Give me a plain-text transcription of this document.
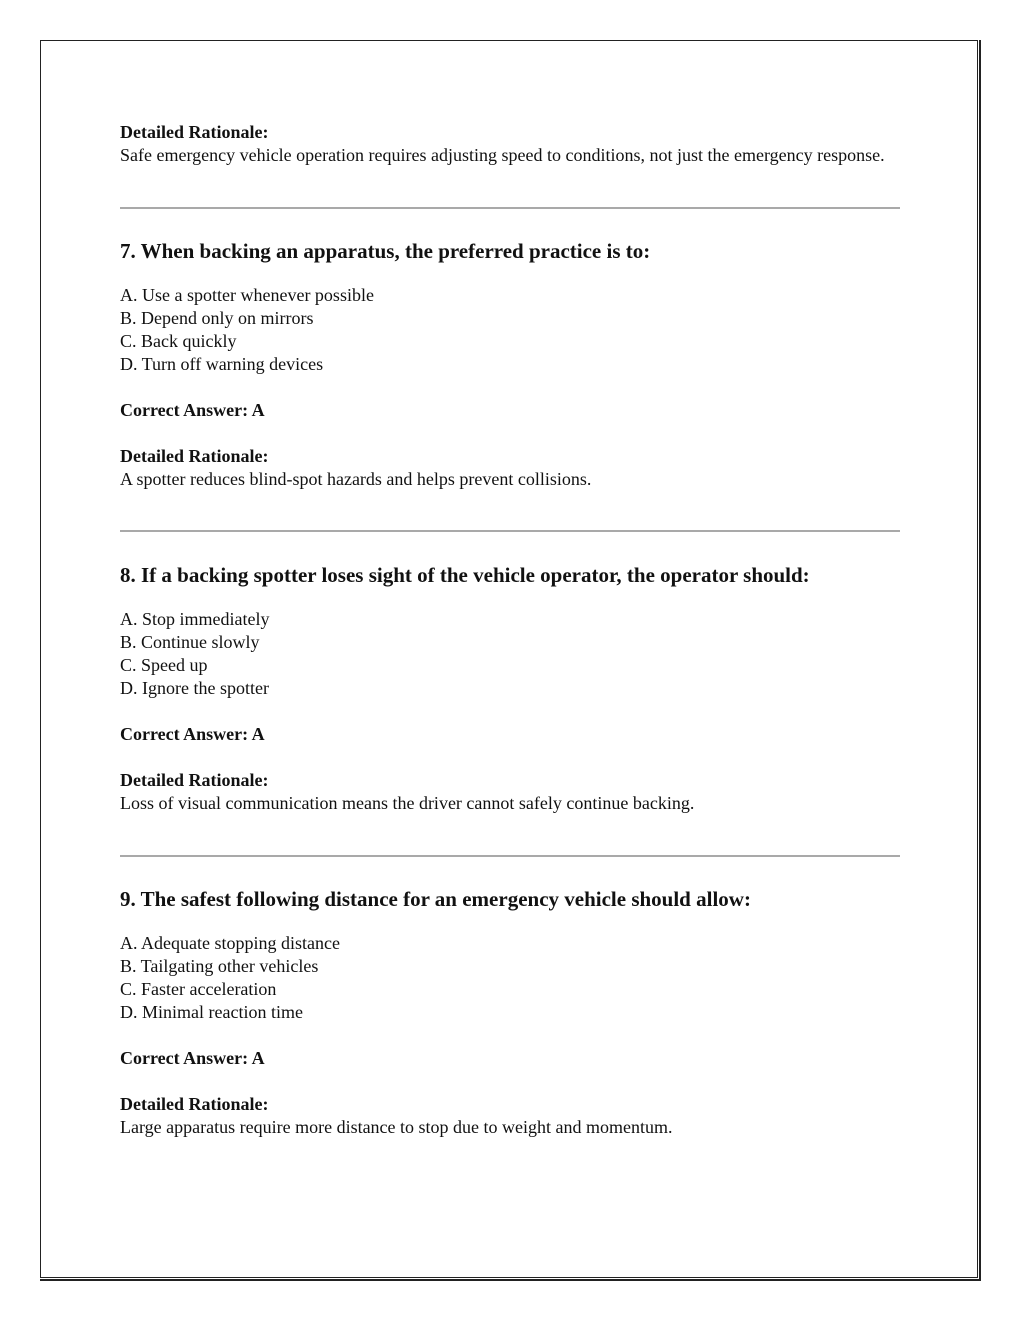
Detailed Rationale:
Safe emergency vehicle operation requires adjusting speed to conditions, not just the emergency response.
7. When backing an apparatus, the preferred practice is to:
A. Use a spotter whenever possible
B. Depend only on mirrors
C. Back quickly
D. Turn off warning devices
Correct Answer: A
Detailed Rationale:
A spotter reduces blind-spot hazards and helps prevent collisions.
8. If a backing spotter loses sight of the vehicle operator, the operator should:
A. Stop immediately
B. Continue slowly
C. Speed up
D. Ignore the spotter
Correct Answer: A
Detailed Rationale:
Loss of visual communication means the driver cannot safely continue backing.
9. The safest following distance for an emergency vehicle should allow:
A. Adequate stopping distance
B. Tailgating other vehicles
C. Faster acceleration
D. Minimal reaction time
Correct Answer: A
Detailed Rationale:
Large apparatus require more distance to stop due to weight and momentum.
